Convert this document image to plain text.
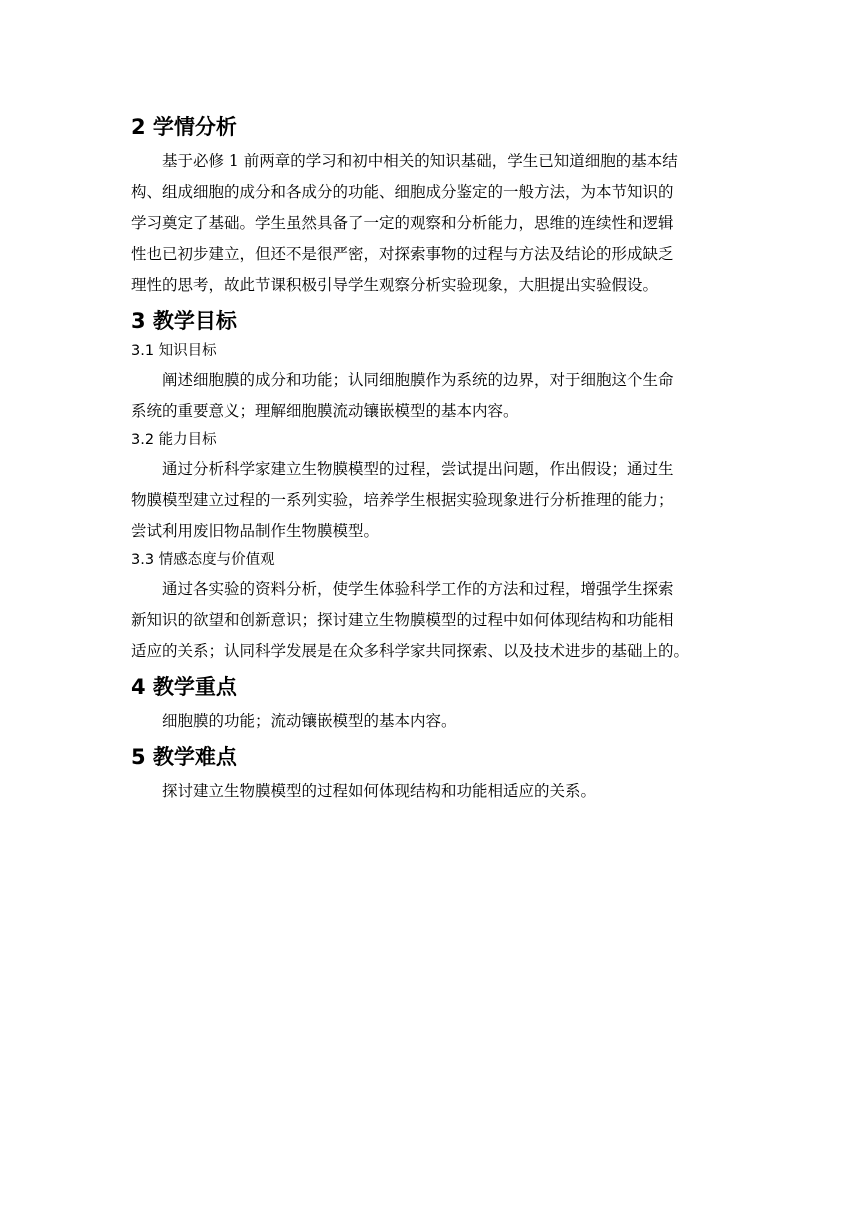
2 学情分析
基于必修 1 前两章的学习和初中相关的知识基础，学生已知道细胞的基本结
构、组成细胞的成分和各成分的功能、细胞成分鉴定的一般方法，为本节知识的
学习奠定了基础。学生虽然具备了一定的观察和分析能力，思维的连续性和逻辑
性也已初步建立，但还不是很严密，对探索事物的过程与方法及结论的形成缺乏
理性的思考，故此节课积极引导学生观察分析实验现象，大胆提出实验假设。
3 教学目标
3.1 知识目标
阐述细胞膜的成分和功能；认同细胞膜作为系统的边界，对于细胞这个生命
系统的重要意义；理解细胞膜流动镶嵌模型的基本内容。
3.2 能力目标
通过分析科学家建立生物膜模型的过程，尝试提出问题，作出假设；通过生
物膜模型建立过程的一系列实验，培养学生根据实验现象进行分析推理的能力；
尝试利用废旧物品制作生物膜模型。
3.3 情感态度与价值观
通过各实验的资料分析，使学生体验科学工作的方法和过程，增强学生探索
新知识的欲望和创新意识；探讨建立生物膜模型的过程中如何体现结构和功能相
适应的关系；认同科学发展是在众多科学家共同探索、以及技术进步的基础上的。
4 教学重点
细胞膜的功能；流动镶嵌模型的基本内容。
5 教学难点
探讨建立生物膜模型的过程如何体现结构和功能相适应的关系。
